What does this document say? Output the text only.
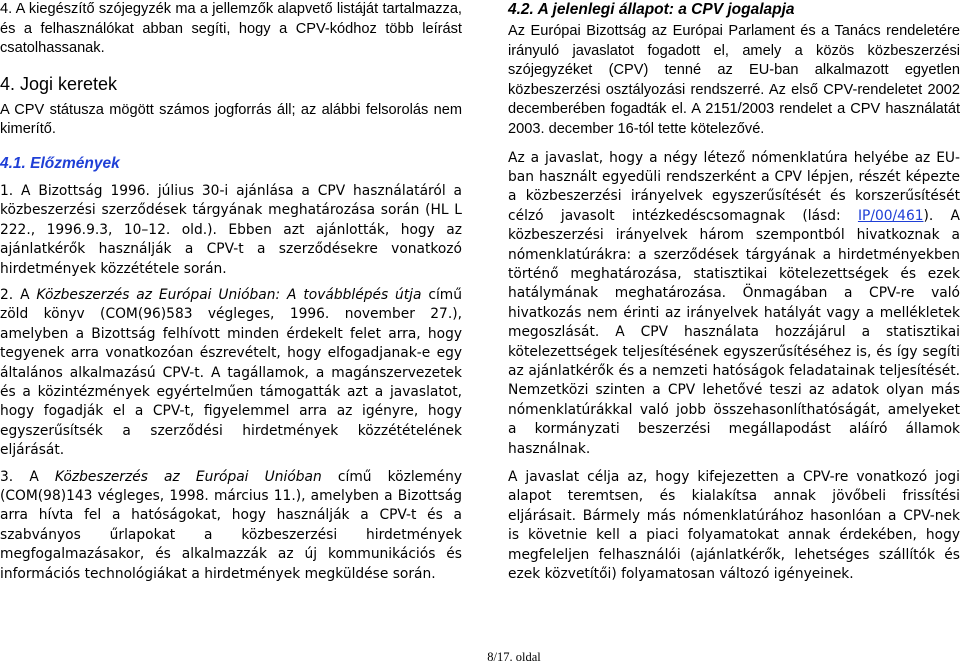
4. A kiegészítő szójegyzék ma a jellemzők alapvető listáját tartalmazza, és a felhasználókat abban segíti, hogy a CPV-kódhoz több leírást csatolhassanak.

4. Jogi keretek

A CPV státusza mögött számos jogforrás áll; az alábbi felsorolás nem kimerítő.

4.1. Előzmények

1. A Bizottság 1996. július 30-i ajánlása a CPV használatáról a közbeszerzési szerződések tárgyának meghatározása során (HL L 222., 1996.9.3, 10–12. old.). Ebben azt ajánlották, hogy az ajánlatkérők használják a CPV-t a szerződésekre vonatkozó hirdetmények közzététele során.

2. A Közbeszerzés az Európai Unióban: A továbblépés útja című zöld könyv (COM(96)583 végleges, 1996. november 27.), amelyben a Bizottság felhívott minden érdekelt felet arra, hogy tegyenek arra vonatkozóan észrevételt, hogy elfogadjanak-e egy általános alkalmazású CPV-t. A tagállamok, a magánszervezetek és a közintézmények egyértelműen támogatták azt a javaslatot, hogy fogadják el a CPV-t, figyelemmel arra az igényre, hogy egyszerűsítsék a szerződési hirdetmények közzétételének eljárását.

3. A Közbeszerzés az Európai Unióban című közlemény (COM(98)143 végleges, 1998. március 11.), amelyben a Bizottság arra hívta fel a hatóságokat, hogy használják a CPV-t és a szabványos űrlapokat a közbeszerzési hirdetmények megfogalmazásakor, és alkalmazzák az új kommunikációs és információs technológiákat a hirdetmények megküldése során.

4.2. A jelenlegi állapot: a CPV jogalapja

Az Európai Bizottság az Európai Parlament és a Tanács rendeletére irányuló javaslatot fogadott el, amely a közös közbeszerzési szójegyzéket (CPV) tenné az EU-ban alkalmazott egyetlen közbeszerzési osztályozási rendszerré. Az első CPV-rendeletet 2002 decemberében fogadták el. A 2151/2003 rendelet a CPV használatát 2003. december 16-tól tette kötelezővé.

Az a javaslat, hogy a négy létező nómenklatúra helyébe az EU-ban használt egyedüli rendszerként a CPV lépjen, részét képezte a közbeszerzési irányelvek egyszerűsítését és korszerűsítését célzó javasolt intézkedéscsomagnak (lásd: IP/00/461). A közbeszerzési irányelvek három szempontból hivatkoznak a nómenklatúrákra: a szerződések tárgyának a hirdetményekben történő meghatározása, statisztikai kötelezettségek és ezek hatálymának meghatározása. Önmagában a CPV-re való hivatkozás nem érinti az irányelvek hatályát vagy a mellékletek megoszlását. A CPV használata hozzájárul a statisztikai kötelezettségek teljesítésének egyszerűsítéséhez is, és így segíti az ajánlatkérők és a nemzeti hatóságok feladatainak teljesítését. Nemzetközi szinten a CPV lehetővé teszi az adatok olyan más nómenklatúrákkal való jobb összehasonlíthatóságát, amelyeket a kormányzati beszerzési megállapodást aláíró államok használnak.

A javaslat célja az, hogy kifejezetten a CPV-re vonatkozó jogi alapot teremtsen, és kialakítsa annak jövőbeli frissítési eljárásait. Bármely más nómenklatúrához hasonlóan a CPV-nek is követnie kell a piaci folyamatokat annak érdekében, hogy megfeleljen felhasználói (ajánlatkérők, lehetséges szállítók és ezek közvetítői) folyamatosan változó igényeinek.

8/17. oldal
